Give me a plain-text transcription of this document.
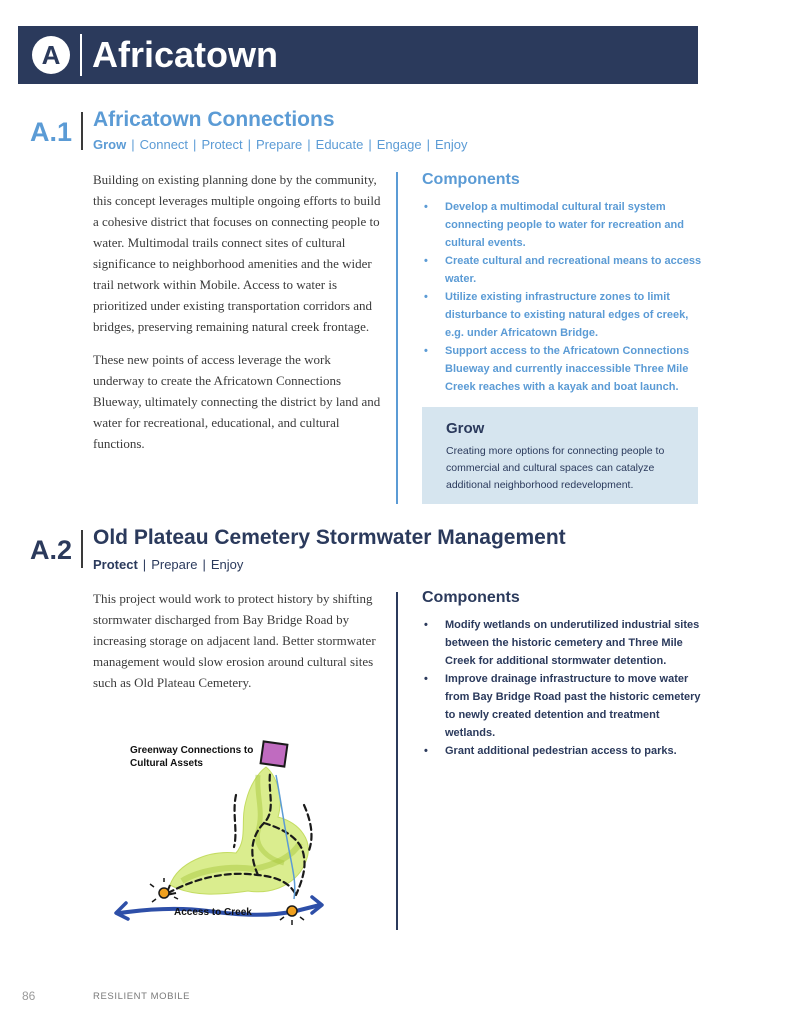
A Africatown
A.1 Africatown Connections
Grow | Connect | Protect | Prepare | Educate | Engage | Enjoy

Building on existing planning done by the community, this concept leverages multiple ongoing efforts to build a cohesive district that focuses on connecting people to water. Multimodal trails connect sites of cultural significance to neighborhood amenities and the wider trail network within Mobile. Access to water is prioritized under existing transportation corridors and bridges, preserving remaining natural creek frontage.

These new points of access leverage the work underway to create the Africatown Connections Blueway, ultimately connecting the district by land and water for recreational, educational, and cultural functions.

Components
• Develop a multimodal cultural trail system connecting people to water for recreation and cultural events.
• Create cultural and recreational means to access water.
• Utilize existing infrastructure zones to limit disturbance to existing natural edges of creek, e.g. under Africatown Bridge.
• Support access to the Africatown Connections Blueway and currently inaccessible Three Mile Creek reaches with a kayak and boat launch.
Grow
Creating more options for connecting people to commercial and cultural spaces can catalyze additional neighborhood redevelopment.
A.2 Old Plateau Cemetery Stormwater Management
Protect | Prepare | Enjoy

This project would work to protect history by shifting stormwater discharged from Bay Bridge Road by increasing storage on adjacent land. Better stormwater management would slow erosion around cultural sites such as Old Plateau Cemetery.

Components
• Modify wetlands on underutilized industrial sites between the historic cemetery and Three Mile Creek for additional stormwater detention.
• Improve drainage infrastructure to move water from Bay Bridge Road past the historic cemetery to newly created detention and treatment wetlands.
• Grant additional pedestrian access to parks.
Greenway Connections to Cultural Assets
Access to Creek
86	RESILIENT MOBILE
